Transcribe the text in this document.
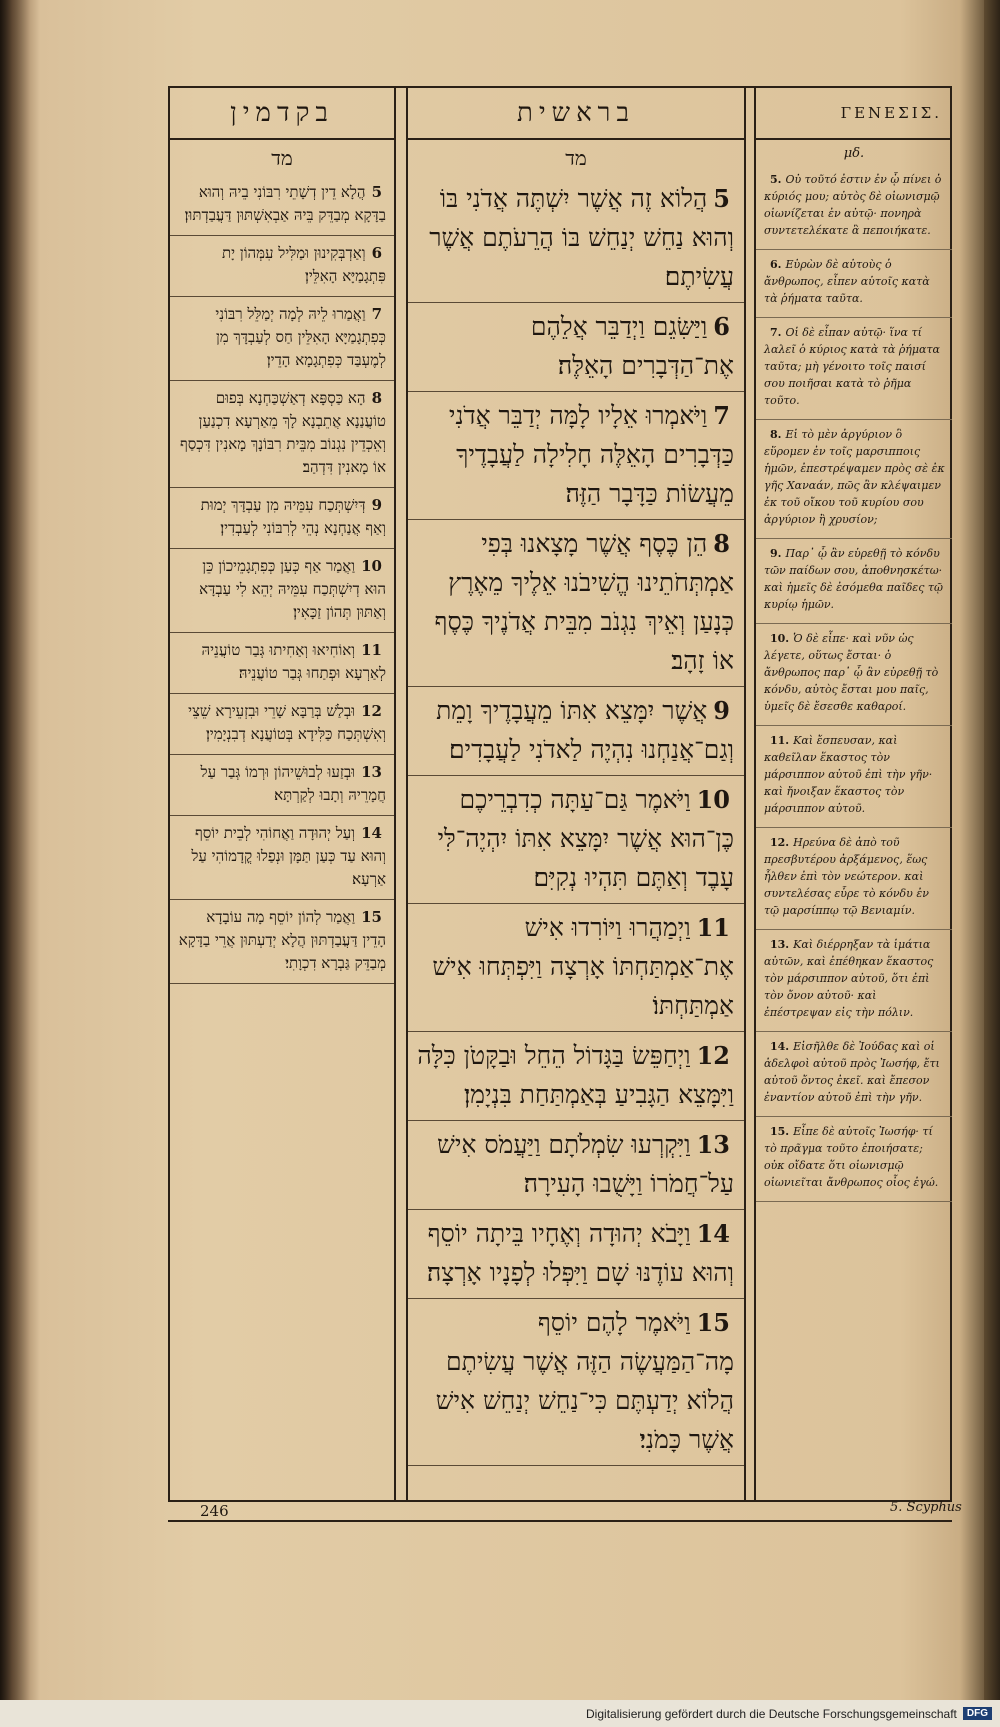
בקדמין
מד
5הֲלָא דֵין דְשָׁתֵי רִבּוֹנִי בֵיהּ וְהוּא בַדָּקָא מְבַדֵּק בֵּיהּ אַבְאִשְׁתּוּן דַּעֲבַדְתּוּן׃
6וְאַדְבְּקִינוּן וּמַלִּיל עִמְּהוֹן יָת פִּתְגָמַיָּא הָאִלֵּין׃
7וַאֲמַרוּ לֵיהּ לְמָה יְמַלֵּל רִבּוֹנִי כְּפִתְגָמַיָּא הָאִלֵּין חַס לְעַבְדָּךְ מִן לְמֶעְבַּד כְּפִתְגָמָא הָדֵין׃
8הָא כַּסְפָּא דְאַשְׁכַּחְנָא בְּפוּם טוֹעֲנַנָא אֲתֵבְנָא לָךְ מֵאַרְעָא דִכְנַעַן וְאֵכְדֵין נִגְנוֹב מִבֵּית רִבּוֹנָךְ מָאנִין דִּכְסַף אוֹ מָאנִין דִּדְהַב׃
9דְּיִשְׁתְּכַח עִמֵּיהּ מִן עַבְדָּךְ יְמוּת וְאַף אֲנַחְנָא נְהֵי לְרִבּוֹנִי לְעַבְדִין׃
10וַאֲמַר אַף כְּעַן כְּפִתְגָמֵיכוֹן כֵּן הוּא דְיִשְׁתְּכַח עִמֵּיהּ יְהֵא לִי עַבְדָּא וְאַתּוּן תְּהוֹן זַכָּאִין׃
11וְאוֹחִיאוּ וְאַחִיתוּ גְּבַר טוֹעֲנֵיהּ לְאַרְעָא וּפְתַחוּ גְּבַר טוֹעֲנֵיהּ׃
12וּבְלַשׁ בְּרַבָּא שָׁרֵי וּבִזְעֵירָא שֵׁצֵי וְאִשְׁתְּכַח כַּלִּידָא בְּטוֹעֲנָא דְבִנְיָמִין׃
13וּבְזַעוּ לְבוּשֵׁיהוֹן וּרְמוֹ גְּבַר עַל חֲמָרֵיהּ וְתָבוּ לְקַרְתָּא׃
14וְעַל יְהוּדָה וַאֲחוֹהִי לְבֵית יוֹסֵף וְהוּא עַד כְּעַן תַּמָּן וּנְפַלוּ קֳדָמוֹהִי עַל אַרְעָא׃
15וַאֲמַר לְהוֹן יוֹסֵף מָה עוֹבָדָא הָדֵין דַּעֲבַדְתּוּן הֲלָא יְדַעְתּוּן אֲרֵי בַדָּקָא מְבַדֵּק גַּבְרָא דִכְוָתִי׃
בראשית
מד
5הֲלוֹא זֶה אֲשֶׁר יִשְׁתֶּה אֲדֹנִי בּוֹ וְהוּא נַחֵשׁ יְנַחֵשׁ בּוֹ הֲרֵעֹתֶם אֲשֶׁר עֲשִׂיתֶם׃
6וַיַּשִּׂגֵם וַיְדַבֵּר אֲלֵהֶם אֶת־הַדְּבָרִים הָאֵלֶּה׃
7וַיֹּאמְרוּ אֵלָיו לָמָּה יְדַבֵּר אֲדֹנִי כַּדְּבָרִים הָאֵלֶּה חָלִילָה לַעֲבָדֶיךָ מֵעֲשׂוֹת כַּדָּבָר הַזֶּה׃
8הֵן כֶּסֶף אֲשֶׁר מָצָאנוּ בְּפִי אַמְתְּחֹתֵינוּ הֱשִׁיבֹנוּ אֵלֶיךָ מֵאֶרֶץ כְּנָעַן וְאֵיךְ נִגְנֹב מִבֵּית אֲדֹנֶיךָ כֶּסֶף אוֹ זָהָב׃
9אֲשֶׁר יִמָּצֵא אִתּוֹ מֵעֲבָדֶיךָ וָמֵת וְגַם־אֲנַחְנוּ נִהְיֶה לַאדֹנִי לַעֲבָדִים׃
10וַיֹּאמֶר גַּם־עַתָּה כְדִבְרֵיכֶם כֶּן־הוּא אֲשֶׁר יִמָּצֵא אִתּוֹ יִהְיֶה־לִּי עָבֶד וְאַתֶּם תִּהְיוּ נְקִיִּם׃
11וַיְמַהֲרוּ וַיּוֹרִדוּ אִישׁ אֶת־אַמְתַּחְתּוֹ אָרְצָה וַיִּפְתְּחוּ אִישׁ אַמְתַּחְתּוֹ׃
12וַיְחַפֵּשׂ בַּגָּדוֹל הֵחֵל וּבַקָּטֹן כִּלָּה וַיִּמָּצֵא הַגָּבִיעַ בְּאַמְתַּחַת בִּנְיָמִן׃
13וַיִּקְרְעוּ שִׂמְלֹתָם וַיַּעֲמֹס אִישׁ עַל־חֲמֹרוֹ וַיָּשֻׁבוּ הָעִירָה׃
14וַיָּבֹא יְהוּדָה וְאֶחָיו בֵּיתָה יוֹסֵף וְהוּא עוֹדֶנּוּ שָׁם וַיִּפְּלוּ לְפָנָיו אָרְצָה׃
15וַיֹּאמֶר לָהֶם יוֹסֵף מָה־הַמַּעֲשֶׂה הַזֶּה אֲשֶׁר עֲשִׂיתֶם הֲלוֹא יְדַעְתֶּם כִּי־נַחֵשׁ יְנַחֵשׁ אִישׁ אֲשֶׁר כָּמֹנִי׃
ΓΕΝΕΣΙΣ.
μδ.
5. Οὐ τοῦτό ἐστιν ἐν ᾧ πίνει ὁ κύριός μου; αὐτὸς δὲ οἰωνισμῷ οἰωνίζεται ἐν αὐτῷ· πονηρὰ συντετελέκατε ἃ πεποιήκατε.
6. Εὑρὼν δὲ αὐτοὺς ὁ ἄνθρωπος, εἶπεν αὐτοῖς κατὰ τὰ ῥήματα ταῦτα.
7. Οἱ δὲ εἶπαν αὐτῷ· ἵνα τί λαλεῖ ὁ κύριος κατὰ τὰ ῥήματα ταῦτα; μὴ γένοιτο τοῖς παισί σου ποιῆσαι κατὰ τὸ ῥῆμα τοῦτο.
8. Εἰ τὸ μὲν ἀργύριον ὃ εὕρομεν ἐν τοῖς μαρσιπποις ἡμῶν, ἐπεστρέψαμεν πρὸς σὲ ἐκ γῆς Χαναάν, πῶς ἂν κλέψαιμεν ἐκ τοῦ οἴκου τοῦ κυρίου σου ἀργύριον ἢ χρυσίον;
9. Παρ᾽ ᾧ ἂν εὑρεθῇ τὸ κόνδυ τῶν παίδων σου, ἀποθνησκέτω· καὶ ἡμεῖς δὲ ἐσόμεθα παῖδες τῷ κυρίῳ ἡμῶν.
10. Ὁ δὲ εἶπε· καὶ νῦν ὡς λέγετε, οὕτως ἔσται· ὁ ἄνθρωπος παρ᾽ ᾧ ἂν εὑρεθῇ τὸ κόνδυ, αὐτὸς ἔσται μου παῖς, ὑμεῖς δὲ ἔσεσθε καθαροί.
11. Καὶ ἔσπευσαν, καὶ καθεῖλαν ἕκαστος τὸν μάρσιππον αὐτοῦ ἐπὶ τὴν γῆν· καὶ ἤνοιξαν ἕκαστος τὸν μάρσιππον αὐτοῦ.
12. Ηρεύνα δὲ ἀπὸ τοῦ πρεσβυτέρου ἀρξάμενος, ἕως ἦλθεν ἐπὶ τὸν νεώτερον. καὶ συντελέσας εὗρε τὸ κόνδυ ἐν τῷ μαρσίππῳ τῷ Βενιαμίν.
13. Καὶ διέρρηξαν τὰ ἱμάτια αὐτῶν, καὶ ἐπέθηκαν ἕκαστος τὸν μάρσιππον αὐτοῦ, ὅτι ἐπὶ τὸν ὄνον αὐτοῦ· καὶ ἐπέστρεψαν εἰς τὴν πόλιν.
14. Εἰσῆλθε δὲ Ἰούδας καὶ οἱ ἀδελφοὶ αὐτοῦ πρὸς Ἰωσήφ, ἔτι αὐτοῦ ὄντος ἐκεῖ. καὶ ἔπεσον ἐναντίον αὐτοῦ ἐπὶ τὴν γῆν.
15. Εἶπε δὲ αὐτοῖς Ἰωσήφ· τί τὸ πρᾶγμα τοῦτο ἐποιήσατε; οὐκ οἴδατε ὅτι οἰωνισμῷ οἰωνιεῖται ἄνθρωπος οἷος ἐγώ.
246	5. Scyphus
Digitalisierung gefördert durch die Deutsche Forschungsgemeinschaft	DFG
